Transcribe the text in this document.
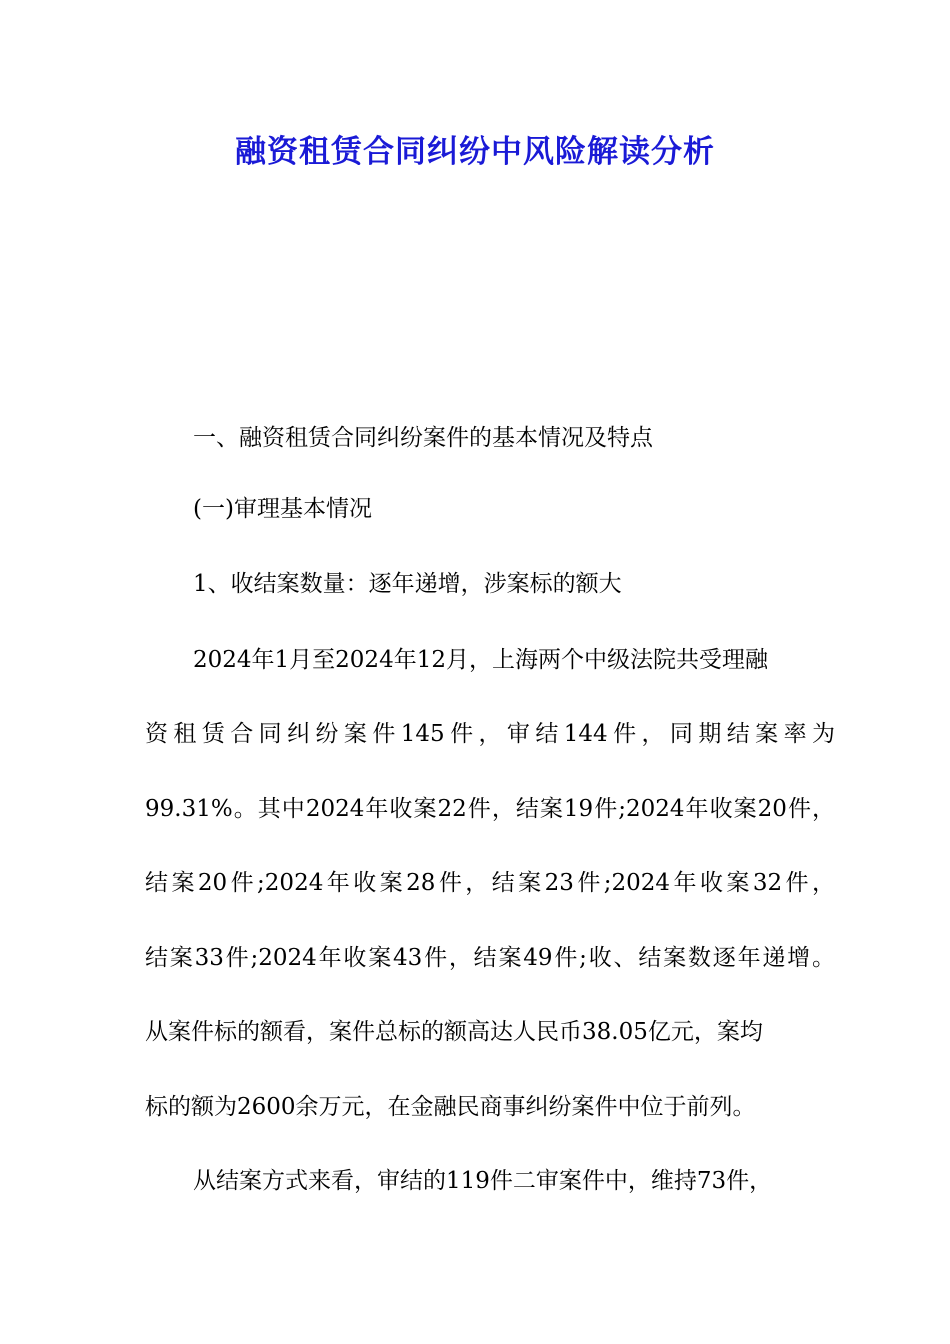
融资租赁合同纠纷中风险解读分析
一、融资租赁合同纠纷案件的基本情况及特点
(一)审理基本情况
1、收结案数量：逐年递增，涉案标的额大
2024年1月至2024年12月，上海两个中级法院共受理融
资租赁合同纠纷案件145件，审结144件，同期结案率为
99.31%。其中2024年收案22件，结案19件;2024年收案20件，
结案20件;2024年收案28件，结案23件;2024年收案32件，
结案33件;2024年收案43件，结案49件;收、结案数逐年递增。
从案件标的额看，案件总标的额高达人民币38.05亿元，案均
标的额为2600余万元，在金融民商事纠纷案件中位于前列。
从结案方式来看，审结的119件二审案件中，维持73件，
